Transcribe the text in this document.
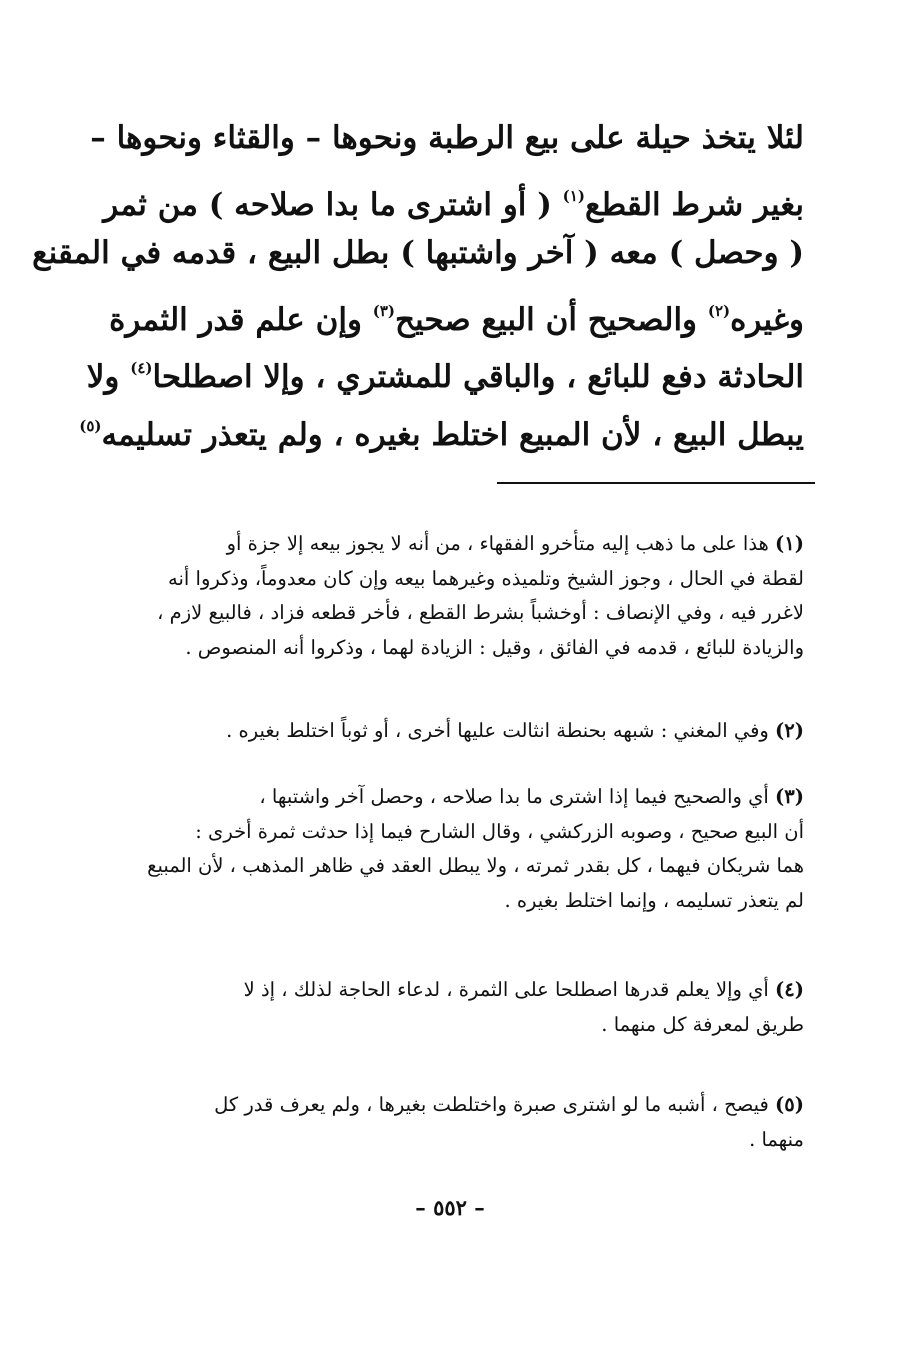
لئلا يتخذ حيلة على بيع الرطبة ونحوها – والقثاء ونحوها –
بغير شرط القطع$^{(١)}$ ( أو اشترى ما بدا صلاحه ) من ثمر
( وحصل ) معه ( آخر واشتبها ) بطل البيع ، قدمه في المقنع
وغيره$^{(٢)}$ والصحيح أن البيع صحيح$^{(٣)}$ وإن علم قدر الثمرة
الحادثة دفع للبائع ، والباقي للمشتري ، وإلا اصطلحا$^{(٤)}$ ولا
يبطل البيع ، لأن المبيع اختلط بغيره ، ولم يتعذر تسليمه$^{(٥)}$
(١) هذا على ما ذهب إليه متأخرو الفقهاء ، من أنه لا يجوز بيعه إلا جزة أو
لقطة في الحال ، وجوز الشيخ وتلميذه وغيرهما بيعه وإن كان معدوماً، وذكروا أنه
لاغرر فيه ، وفي الإنصاف : أوخشباً بشرط القطع ، فأخر قطعه فزاد ، فالبيع لازم ،
والزيادة للبائع ، قدمه في الفائق ، وقيل : الزيادة لهما ، وذكروا أنه المنصوص .
(٢) وفي المغني : شبهه بحنطة انثالت عليها أخرى ، أو ثوباً اختلط بغيره .
(٣) أي والصحيح فيما إذا اشترى ما بدا صلاحه ، وحصل آخر واشتبها ،
أن البيع صحيح ، وصوبه الزركشي ، وقال الشارح فيما إذا حدثت ثمرة أخرى :
هما شريكان فيهما ، كل بقدر ثمرته ، ولا يبطل العقد في ظاهر المذهب ، لأن المبيع
لم يتعذر تسليمه ، وإنما اختلط بغيره .
(٤) أي وإلا يعلم قدرها اصطلحا على الثمرة ، لدعاء الحاجة لذلك ، إذ لا
طريق لمعرفة كل منهما .
(٥) فيصح ، أشبه ما لو اشترى صبرة واختلطت بغيرها ، ولم يعرف قدر كل
منهما .
– ٥٥٢ –
